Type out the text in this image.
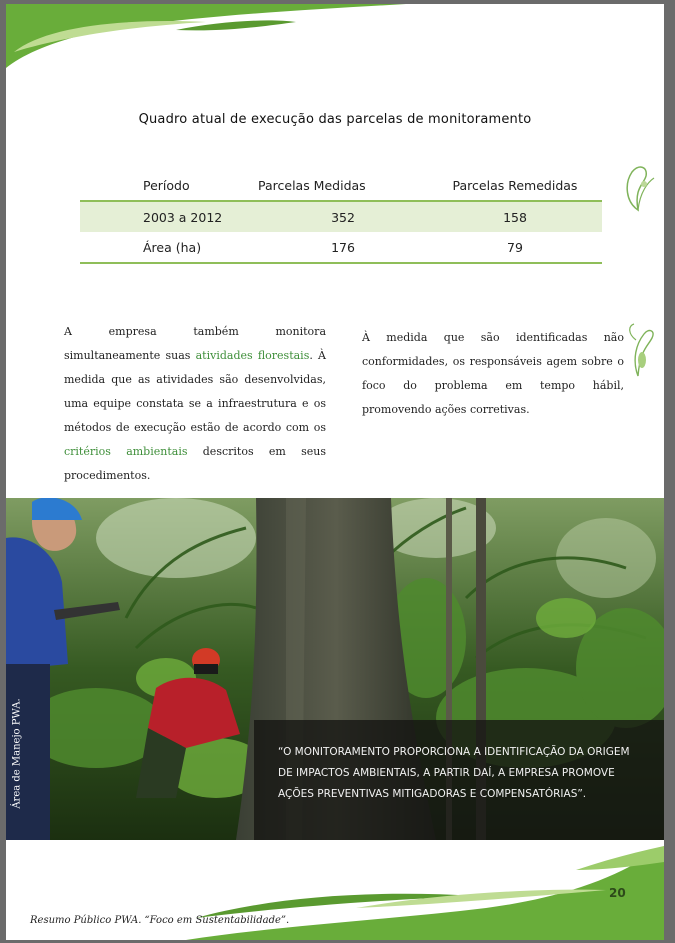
Quadro atual de execução das parcelas de monitoramento
Período	Parcelas Medidas	Parcelas Remedidas
2003 a 2012	352	158
Área (ha)	176	79
A empresa também monitora simultaneamente suas atividades florestais. À medida que as atividades são desenvolvidas, uma equipe constata se a infraestrutura e os métodos de execução estão de acordo com os critérios ambientais descritos em seus procedimentos.
À medida que são identificadas não conformidades, os responsáveis agem sobre o foco do problema em tempo hábil, promovendo ações corretivas.
Área de Manejo PWA.	“O MONITORAMENTO PROPORCIONA A IDENTIFICAÇÃO DA ORIGEM DE IMPACTOS AMBIENTAIS, A PARTIR DAÍ, A EMPRESA PROMOVE AÇÕES PREVENTIVAS MITIGADORAS E COMPENSATÓRIAS”.
20
Resumo Público PWA. “Foco em Sustentabilidade”.
